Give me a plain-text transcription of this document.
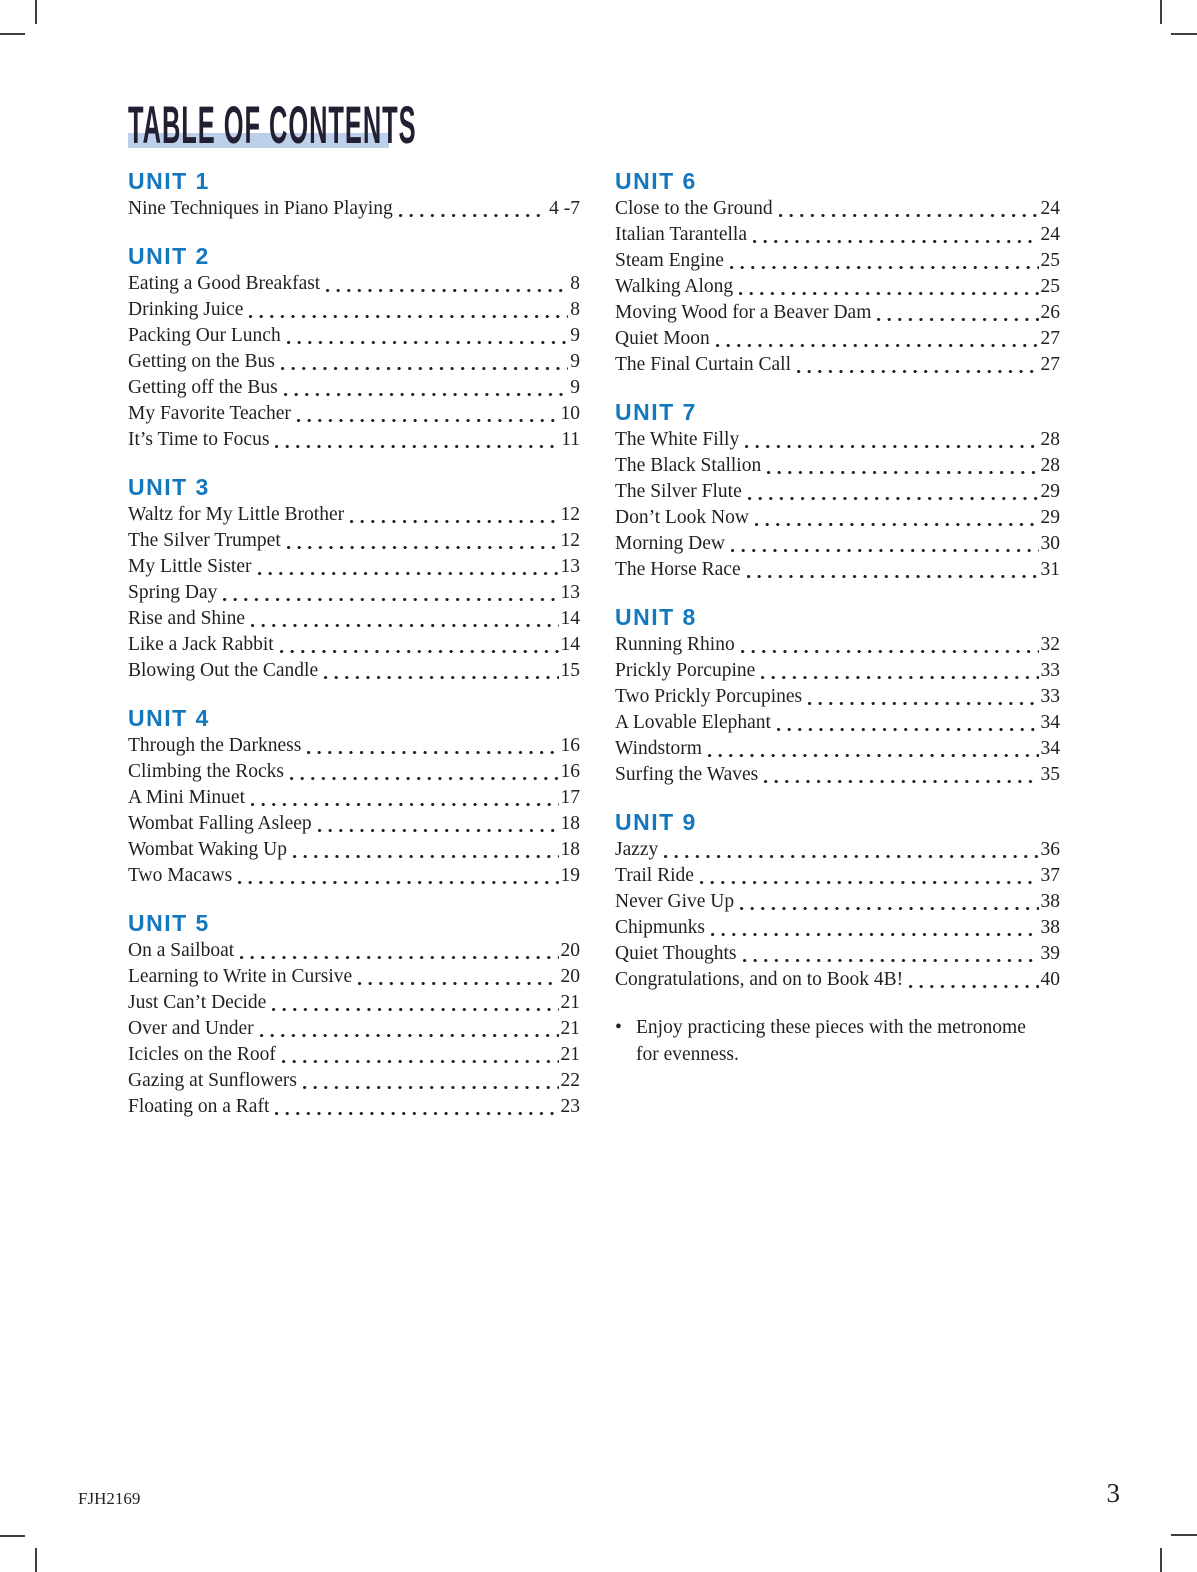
TABLE OF CONTENTS
UNIT 1
Nine Techniques in Piano Playing	4 -7
UNIT 2
Eating a Good Breakfast	8
Drinking Juice	8
Packing Our Lunch	9
Getting on the Bus	9
Getting off the Bus	9
My Favorite Teacher	10
It’s Time to Focus	11
UNIT 3
Waltz for My Little Brother	12
The Silver Trumpet	12
My Little Sister	13
Spring Day	13
Rise and Shine	14
Like a Jack Rabbit	14
Blowing Out the Candle	15
UNIT 4
Through the Darkness	16
Climbing the Rocks	16
A Mini Minuet	17
Wombat Falling Asleep	18
Wombat Waking Up	18
Two Macaws	19
UNIT 5
On a Sailboat	20
Learning to Write in Cursive	20
Just Can’t Decide	21
Over and Under	21
Icicles on the Roof	21
Gazing at Sunflowers	22
Floating on a Raft	23
UNIT 6
Close to the Ground	24
Italian Tarantella	24
Steam Engine	25
Walking Along	25
Moving Wood for a Beaver Dam	26
Quiet Moon	27
The Final Curtain Call	27
UNIT 7
The White Filly	28
The Black Stallion	28
The Silver Flute	29
Don’t Look Now	29
Morning Dew	30
The Horse Race	31
UNIT 8
Running Rhino	32
Prickly Porcupine	33
Two Prickly Porcupines	33
A Lovable Elephant	34
Windstorm	34
Surfing the Waves	35
UNIT 9
Jazzy	36
Trail Ride	37
Never Give Up	38
Chipmunks	38
Quiet Thoughts	39
Congratulations, and on to Book 4B!	40
• Enjoy practicing these pieces with the metronome
for evenness.
FJH2169	3
